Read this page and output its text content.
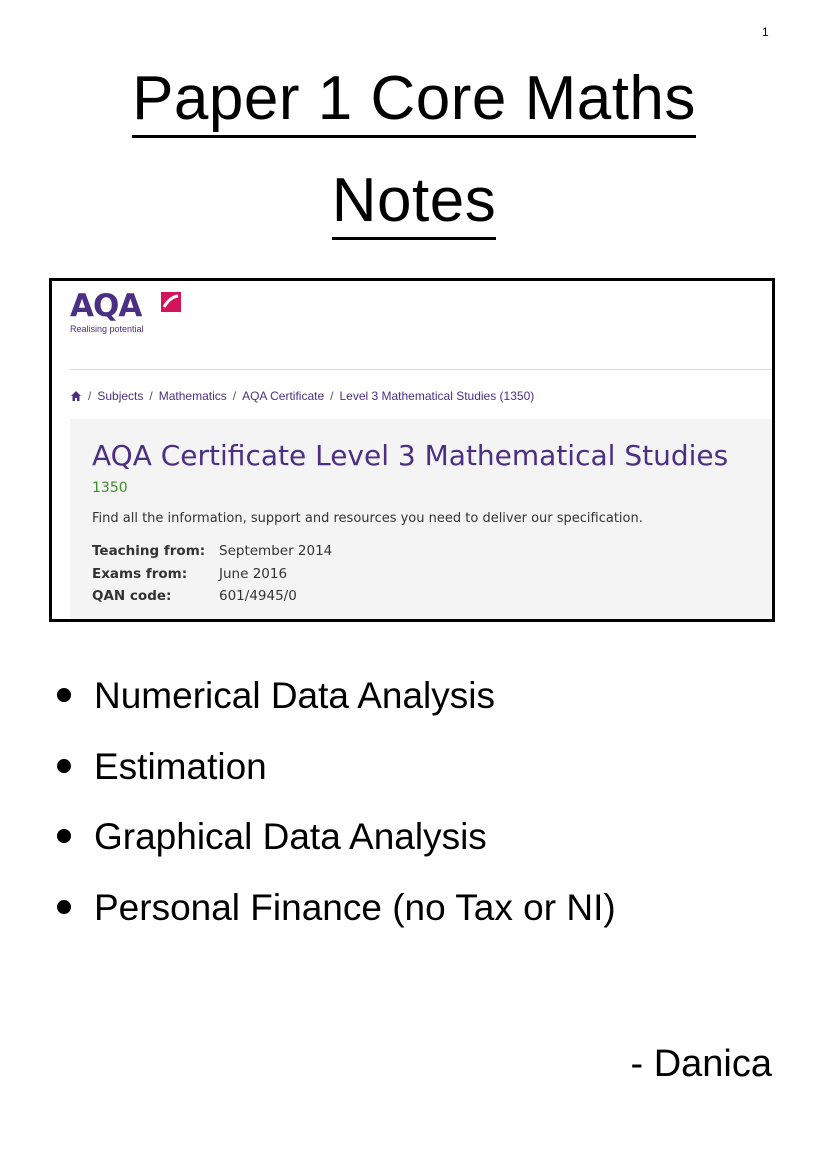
1
Paper 1 Core Maths
Notes
AQA
Realising potential
/ Subjects / Mathematics / AQA Certificate / Level 3 Mathematical Studies (1350)
AQA Certificate Level 3 Mathematical Studies
1350
Find all the information, support and resources you need to deliver our specification.
Teaching from: September 2014
Exams from: June 2016
QAN code:	601/4945/0
Numerical Data Analysis
Estimation
Graphical Data Analysis
Personal Finance (no Tax or NI)
- Danica
